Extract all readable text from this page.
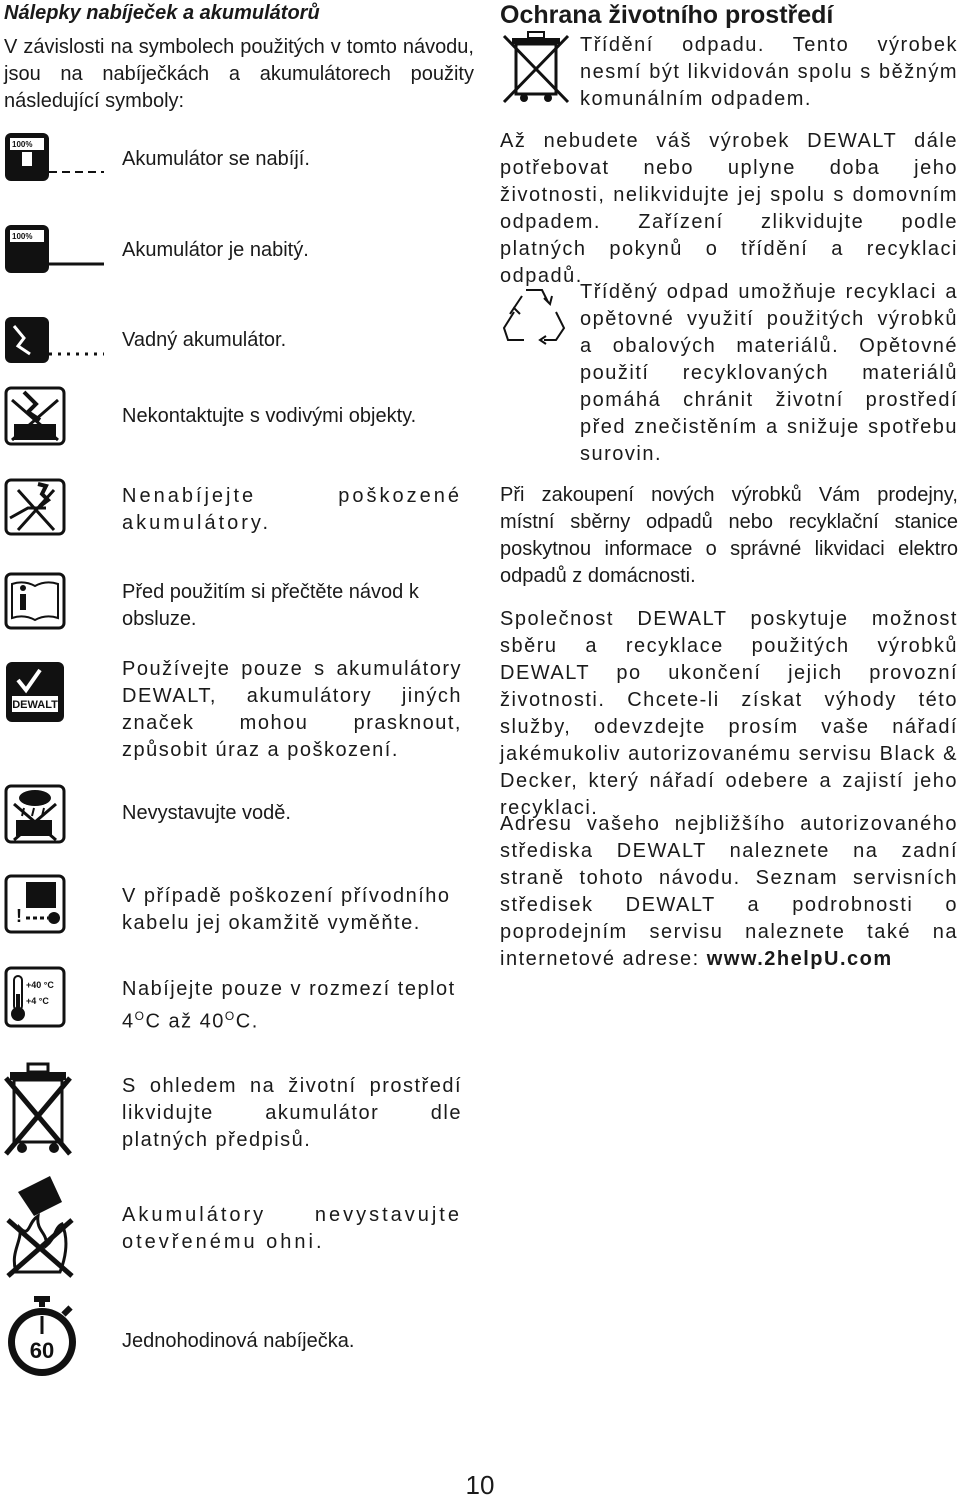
Nálepky nabíječek a akumulátorů

V závislosti na symbolech použitých v tomto návodu, jsou na nabíječkách a akumulátorech použity následující symboly:

100%
Akumulátor se nabíjí.
100%
Akumulátor je nabitý.
Vadný akumulátor.
Nekontaktujte s vodivými objekty.
Nenabíjejte poškozené akumulátory.
Před použitím si přečtěte návod k obsluze.
DEWALT
Používejte pouze s akumulátory DEWALT, akumulátory jiných značek mohou prasknout, způsobit úraz a poškození.
Nevystavujte vodě.
!
V případě poškození přívodního kabelu jej okamžitě vyměňte.
+40 °C
+4 °C
Nabíjejte pouze v rozmezí teplot
$4^OC$ až $40^OC$.
S ohledem na životní prostředí likvidujte akumulátor dle platných předpisů.
Akumulátory nevystavujte otevřenému ohni.
60	Jednohodinová nabíječka.
Ochrana životního prostředí

Třídění odpadu. Tento výrobek nesmí být likvidován spolu s běžným komunálním odpadem.

Až nebudete váš výrobek DEWALT dále potřebovat nebo uplyne doba jeho životnosti, nelikvidujte jej spolu s domovním odpadem. Zařízení zlikvidujte podle platných pokynů o třídění a recyklaci odpadů.

Tříděný odpad umožňuje recyklaci a opětovné využití použitých výrobků a obalových materiálů. Opětovné použití recyklovaných materiálů pomáhá chránit životní prostředí před znečistěním a snižuje spotřebu surovin.

Při zakoupení nových výrobků Vám prodejny, místní sběrny odpadů nebo recyklační stanice poskytnou informace o správné likvidaci elektro odpadů z domácnosti.

Společnost DEWALT poskytuje možnost sběru a recyklace použitých výrobků DEWALT po ukončení jejich provozní životnosti. Chcete-li získat výhody této služby, odevzdejte prosím vaše nářadí jakémukoliv autorizovanému servisu Black & Decker, který nářadí odebere a zajistí jeho recyklaci.

Adresu vašeho nejbližšího autorizovaného střediska DEWALT naleznete na zadní straně tohoto návodu. Seznam servisních středisek DEWALT a podrobnosti o poprodejním servisu naleznete také na internetové adrese: www.2helpU.com

10
